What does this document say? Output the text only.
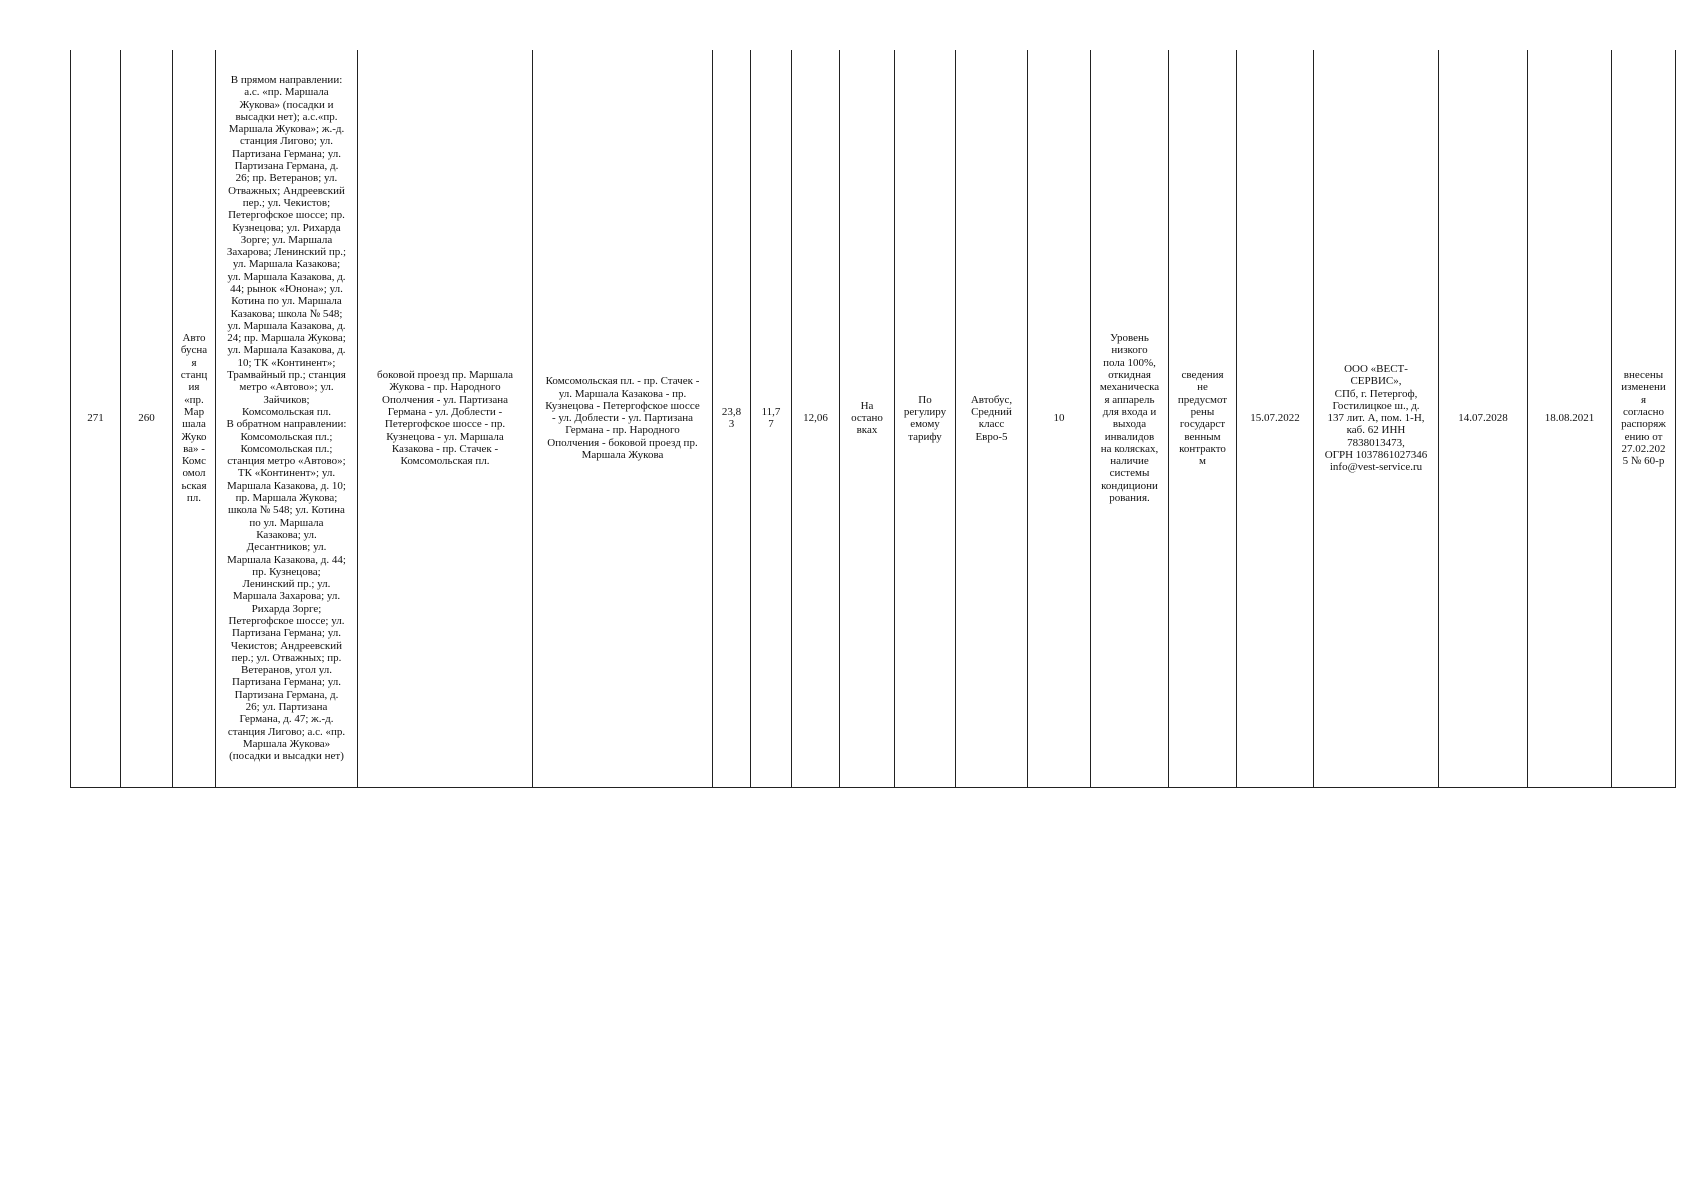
271	260	Авто
бусна
я
станц
ия
«пр.
Мар
шала
Жуко
ва» -
Комс
омол
ьская
пл.	В прямом направлении:
а.с. «пр. Маршала
Жукова» (посадки и
высадки нет); а.с.«пр.
Маршала Жукова»; ж.-д.
станция Лигово; ул.
Партизана Германа; ул.
Партизана Германа, д.
26; пр. Ветеранов; ул.
Отважных; Андреевский
пер.; ул. Чекистов;
Петергофское шоссе; пр.
Кузнецова; ул. Рихарда
Зорге; ул. Маршала
Захарова; Ленинский пр.;
ул. Маршала Казакова;
ул. Маршала Казакова, д.
44; рынок «Юнона»; ул.
Котина по ул. Маршала
Казакова; школа № 548;
ул. Маршала Казакова, д.
24; пр. Маршала Жукова;
ул. Маршала Казакова, д.
10; ТК «Континент»;
Трамвайный пр.; станция
метро «Автово»; ул.
Зайчиков;
Комсомольская пл.
В обратном направлении:
Комсомольская пл.;
Комсомольская пл.;
станция метро «Автово»;
ТК «Континент»; ул.
Маршала Казакова, д. 10;
пр. Маршала Жукова;
школа № 548; ул. Котина
по ул. Маршала
Казакова; ул.
Десантников; ул.
Маршала Казакова, д. 44;
пр. Кузнецова;
Ленинский пр.; ул.
Маршала Захарова; ул.
Рихарда Зорге;
Петергофское шоссе; ул.
Партизана Германа; ул.
Чекистов; Андреевский
пер.; ул. Отважных; пр.
Ветеранов, угол ул.
Партизана Германа; ул.
Партизана Германа, д.
26; ул. Партизана
Германа, д. 47; ж.-д.
станция Лигово; а.с. «пр.
Маршала Жукова»
(посадки и высадки нет)	боковой проезд пр. Маршала
Жукова - пр. Народного
Ополчения - ул. Партизана
Германа - ул. Доблести -
Петергофское шоссе - пр.
Кузнецова - ул. Маршала
Казакова - пр. Стачек -
Комсомольская пл.	Комсомольская пл. - пр. Стачек -
ул. Маршала Казакова - пр.
Кузнецова - Петергофское шоссе
- ул. Доблести - ул. Партизана
Германа - пр. Народного
Ополчения - боковой проезд пр.
Маршала Жукова	23,8
3	11,7
7	12,06	На
остано
вках	По
регулиру
емому
тарифу	Автобус,
Средний
класс
Евро-5	10	Уровень
низкого
пола 100%,
откидная
механическа
я аппарель
для входа и
выхода
инвалидов
на колясках,
наличие
системы
кондициони
рования.	сведения
не
предусмот
рены
государст
венным
контракто
м	15.07.2022	ООО «ВЕСТ-
СЕРВИС»,
СПб, г. Петергоф,
Гостилицкое ш., д.
137 лит. А, пом. 1-Н,
каб. 62 ИНН
7838013473,
ОГРН 1037861027346
info@vest-service.ru	14.07.2028	18.08.2021	внесены
изменени
я
согласно
распоряж
ению от
27.02.202
5 № 60-р
